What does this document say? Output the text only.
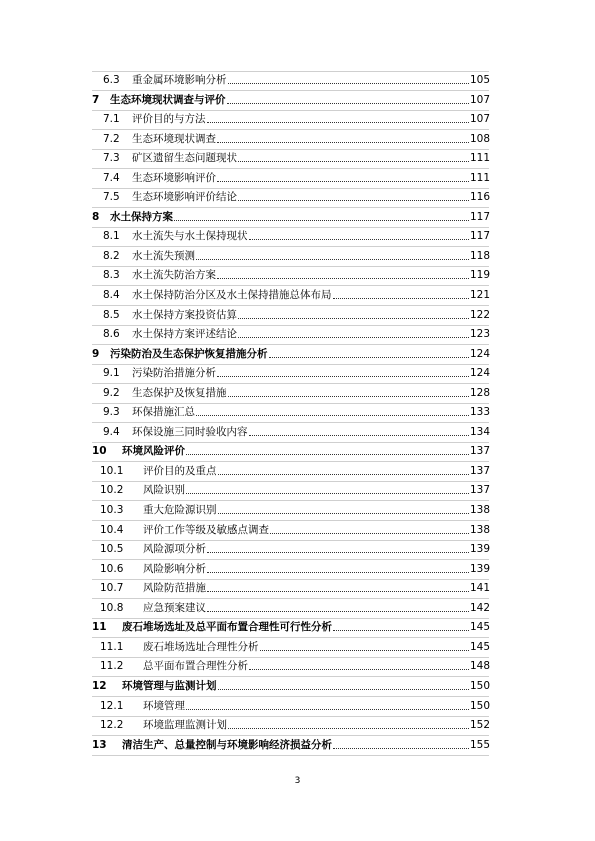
6.3 重金属环境影响分析	105
7 生态环境现状调查与评价	107
7.1 评价目的与方法	107
7.2 生态环境现状调查	108
7.3 矿区遗留生态问题现状	111
7.4 生态环境影响评价	111
7.5 生态环境影响评价结论	116
8 水土保持方案	117
8.1 水土流失与水土保持现状	117
8.2 水土流失预测	118
8.3 水土流失防治方案	119
8.4 水土保持防治分区及水土保持措施总体布局	121
8.5 水土保持方案投资估算	122
8.6 水土保持方案评述结论	123
9 污染防治及生态保护恢复措施分析	124
9.1 污染防治措施分析	124
9.2 生态保护及恢复措施	128
9.3 环保措施汇总	133
9.4 环保设施三同时验收内容	134
10 环境风险评价	137
10.1 评价目的及重点	137
10.2 风险识别	137
10.3 重大危险源识别	138
10.4 评价工作等级及敏感点调查	138
10.5 风险源项分析	139
10.6 风险影响分析	139
10.7 风险防范措施	141
10.8 应急预案建议	142
11 废石堆场选址及总平面布置合理性可行性分析	145
11.1 废石堆场选址合理性分析	145
11.2 总平面布置合理性分析	148
12 环境管理与监测计划	150
12.1 环境管理	150
12.2 环境监理监测计划	152
13 清洁生产、总量控制与环境影响经济损益分析	155
3
